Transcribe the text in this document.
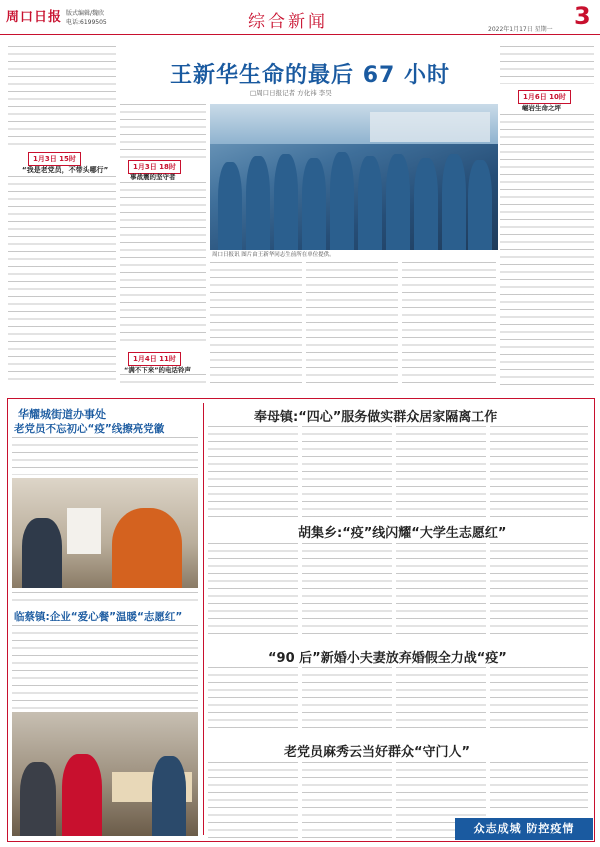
周口日报 版式编辑/魏欣
电话:6199505	综合新闻	3
2022年1月17日 星期一
王新华生命的最后 67 小时
□周口日报记者 方化祎 李昊
1月3日 15时
“我是老党员，不带头哪行”	1月3日 18时
事战震的坚守者
1月4日 11时
“满不下来”的电话铃声
周口日报讯 图片由王新华同志生前所在单位提供。
1月6日 10时
崛岩生命之坪
华耀城街道办事处
老党员不忘初心“疫”线擦亮党徽
临蔡镇:企业“爱心餐”温暖“志愿红”
奉母镇:“四心”服务做实群众居家隔离工作
胡集乡:“疫”线闪耀“大学生志愿红”
“90 后”新婚小夫妻放弃婚假全力战“疫”
老党员麻秀云当好群众“守门人”
众志成城 防控疫情
